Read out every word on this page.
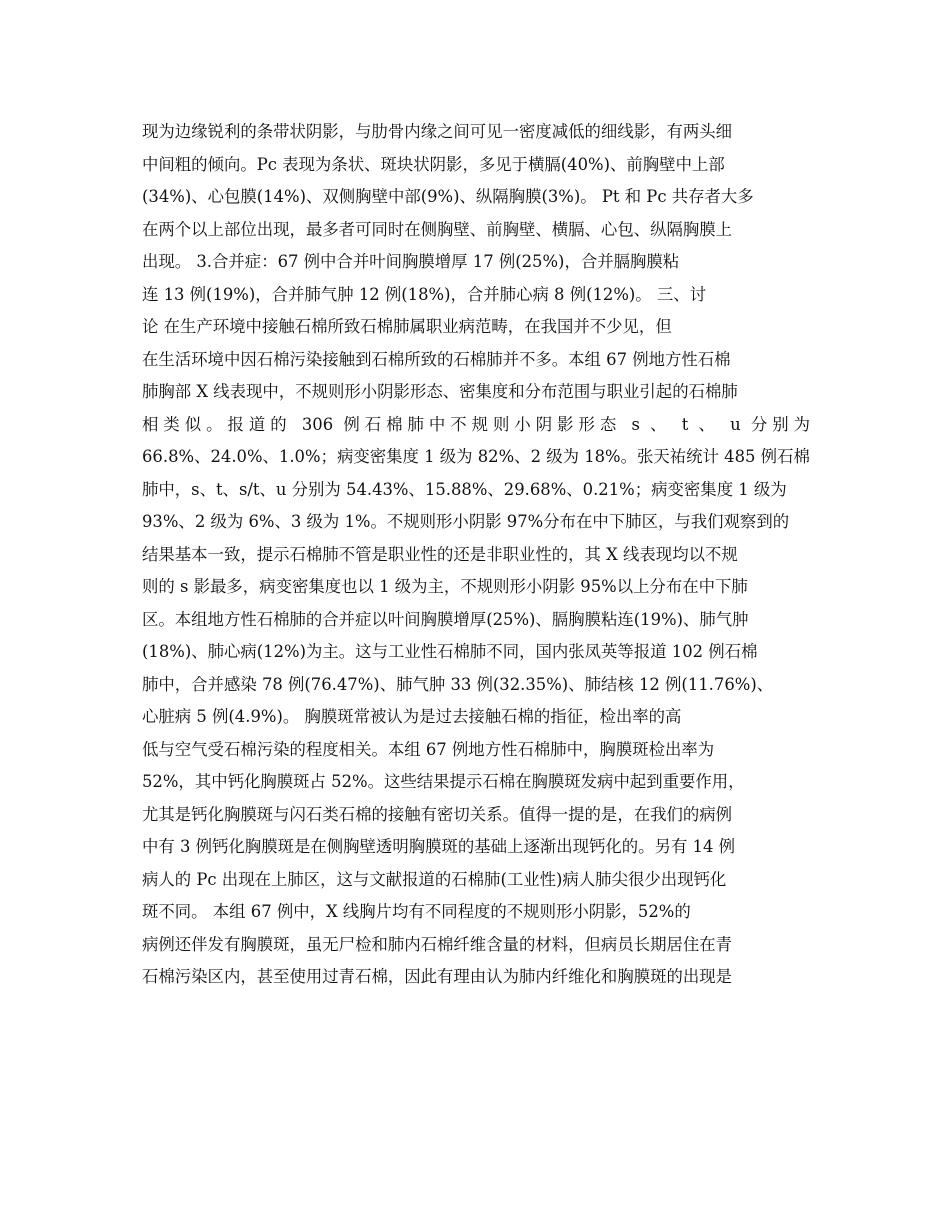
现为边缘锐利的条带状阴影，与肋骨内缘之间可见一密度减低的细线影，有两头细
中间粗的倾向。Pc 表现为条状、斑块状阴影，多见于横膈(40%)、前胸壁中上部
(34%)、心包膜(14%)、双侧胸壁中部(9%)、纵隔胸膜(3%)。 Pt 和 Pc 共存者大多
在两个以上部位出现，最多者可同时在侧胸壁、前胸壁、横膈、心包、纵隔胸膜上
出现。 3.合并症：67 例中合并叶间胸膜增厚 17 例(25%)，合并膈胸膜粘
连 13 例(19%)，合并肺气肿 12 例(18%)，合并肺心病 8 例(12%)。 三、讨
论 在生产环境中接触石棉所致石棉肺属职业病范畴，在我国并不少见，但
在生活环境中因石棉污染接触到石棉所致的石棉肺并不多。本组 67 例地方性石棉
肺胸部 X 线表现中，不规则形小阴影形态、密集度和分布范围与职业引起的石棉肺
相类似。报道的 306 例石棉肺中不规则小阴影形态 s 、 t 、 u 分别为
66.8%、24.0%、1.0%；病变密集度 1 级为 82%、2 级为 18%。张天祐统计 485 例石棉
肺中，s、t、s/t、u 分别为 54.43%、15.88%、29.68%、0.21%；病变密集度 1 级为
93%、2 级为 6%、3 级为 1%。不规则形小阴影 97%分布在中下肺区，与我们观察到的
结果基本一致，提示石棉肺不管是职业性的还是非职业性的，其 X 线表现均以不规
则的 s 影最多，病变密集度也以 1 级为主，不规则形小阴影 95%以上分布在中下肺
区。本组地方性石棉肺的合并症以叶间胸膜增厚(25%)、膈胸膜粘连(19%)、肺气肿
(18%)、肺心病(12%)为主。这与工业性石棉肺不同，国内张凤英等报道 102 例石棉
肺中，合并感染 78 例(76.47%)、肺气肿 33 例(32.35%)、肺结核 12 例(11.76%)、
心脏病 5 例(4.9%)。 胸膜斑常被认为是过去接触石棉的指征，检出率的高
低与空气受石棉污染的程度相关。本组 67 例地方性石棉肺中，胸膜斑检出率为
52%，其中钙化胸膜斑占 52%。这些结果提示石棉在胸膜斑发病中起到重要作用，
尤其是钙化胸膜斑与闪石类石棉的接触有密切关系。值得一提的是，在我们的病例
中有 3 例钙化胸膜斑是在侧胸壁透明胸膜斑的基础上逐渐出现钙化的。另有 14 例
病人的 Pc 出现在上肺区，这与文献报道的石棉肺(工业性)病人肺尖很少出现钙化
斑不同。 本组 67 例中，X 线胸片均有不同程度的不规则形小阴影，52%的
病例还伴发有胸膜斑，虽无尸检和肺内石棉纤维含量的材料，但病员长期居住在青
石棉污染区内，甚至使用过青石棉，因此有理由认为肺内纤维化和胸膜斑的出现是
